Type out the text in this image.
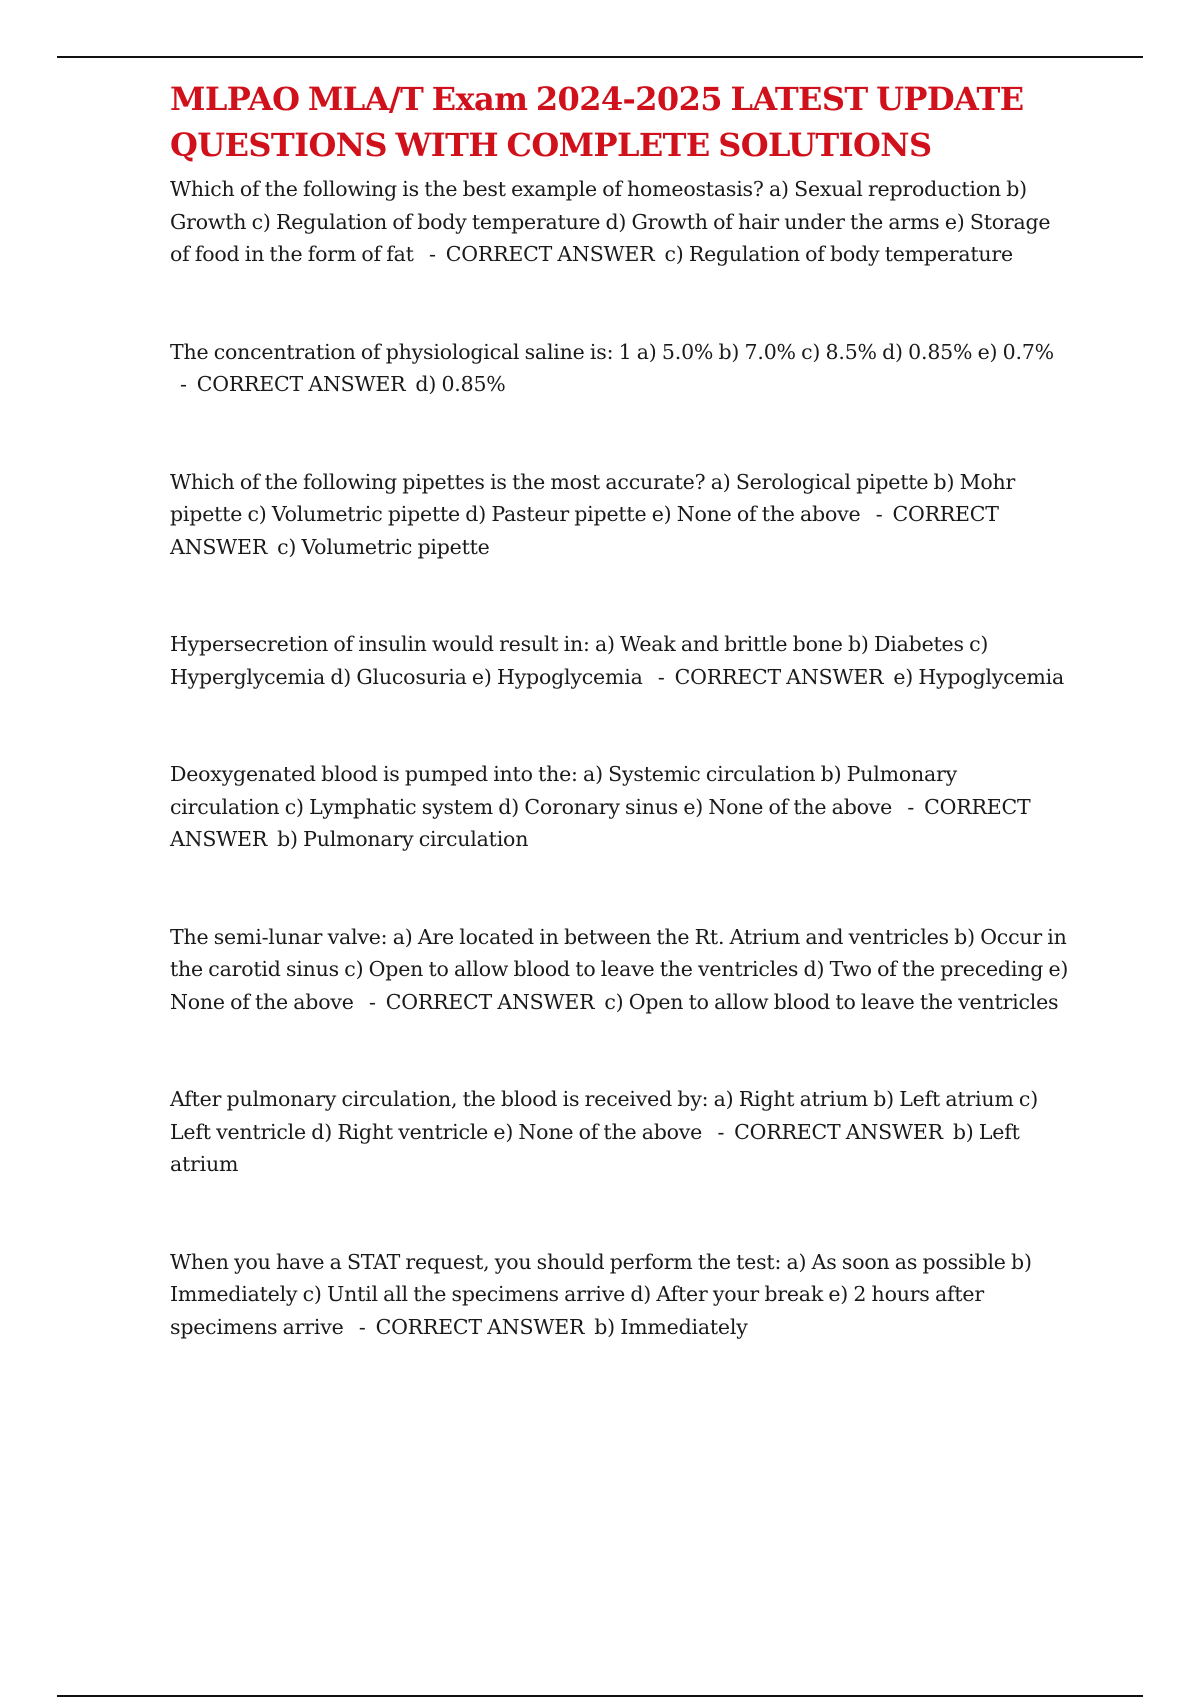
MLPAO MLA/T Exam 2024-2025 LATEST UPDATE QUESTIONS WITH COMPLETE SOLUTIONS

Which of the following is the best example of homeostasis? a) Sexual reproduction b) Growth c) Regulation of body temperature d) Growth of hair under the arms e) Storage of food in the form of fat - CORRECT ANSWER c) Regulation of body temperature

The concentration of physiological saline is: 1 a) 5.0% b) 7.0% c) 8.5% d) 0.85% e) 0.7% - CORRECT ANSWER d) 0.85%

Which of the following pipettes is the most accurate? a) Serological pipette b) Mohr pipette c) Volumetric pipette d) Pasteur pipette e) None of the above - CORRECT ANSWER c) Volumetric pipette

Hypersecretion of insulin would result in: a) Weak and brittle bone b) Diabetes c) Hyperglycemia d) Glucosuria e) Hypoglycemia - CORRECT ANSWER e) Hypoglycemia

Deoxygenated blood is pumped into the: a) Systemic circulation b) Pulmonary circulation c) Lymphatic system d) Coronary sinus e) None of the above - CORRECT ANSWER b) Pulmonary circulation

The semi-lunar valve: a) Are located in between the Rt. Atrium and ventricles b) Occur in the carotid sinus c) Open to allow blood to leave the ventricles d) Two of the preceding e) None of the above - CORRECT ANSWER c) Open to allow blood to leave the ventricles

After pulmonary circulation, the blood is received by: a) Right atrium b) Left atrium c) Left ventricle d) Right ventricle e) None of the above - CORRECT ANSWER b) Left atrium

When you have a STAT request, you should perform the test: a) As soon as possible b) Immediately c) Until all the specimens arrive d) After your break e) 2 hours after specimens arrive - CORRECT ANSWER b) Immediately
